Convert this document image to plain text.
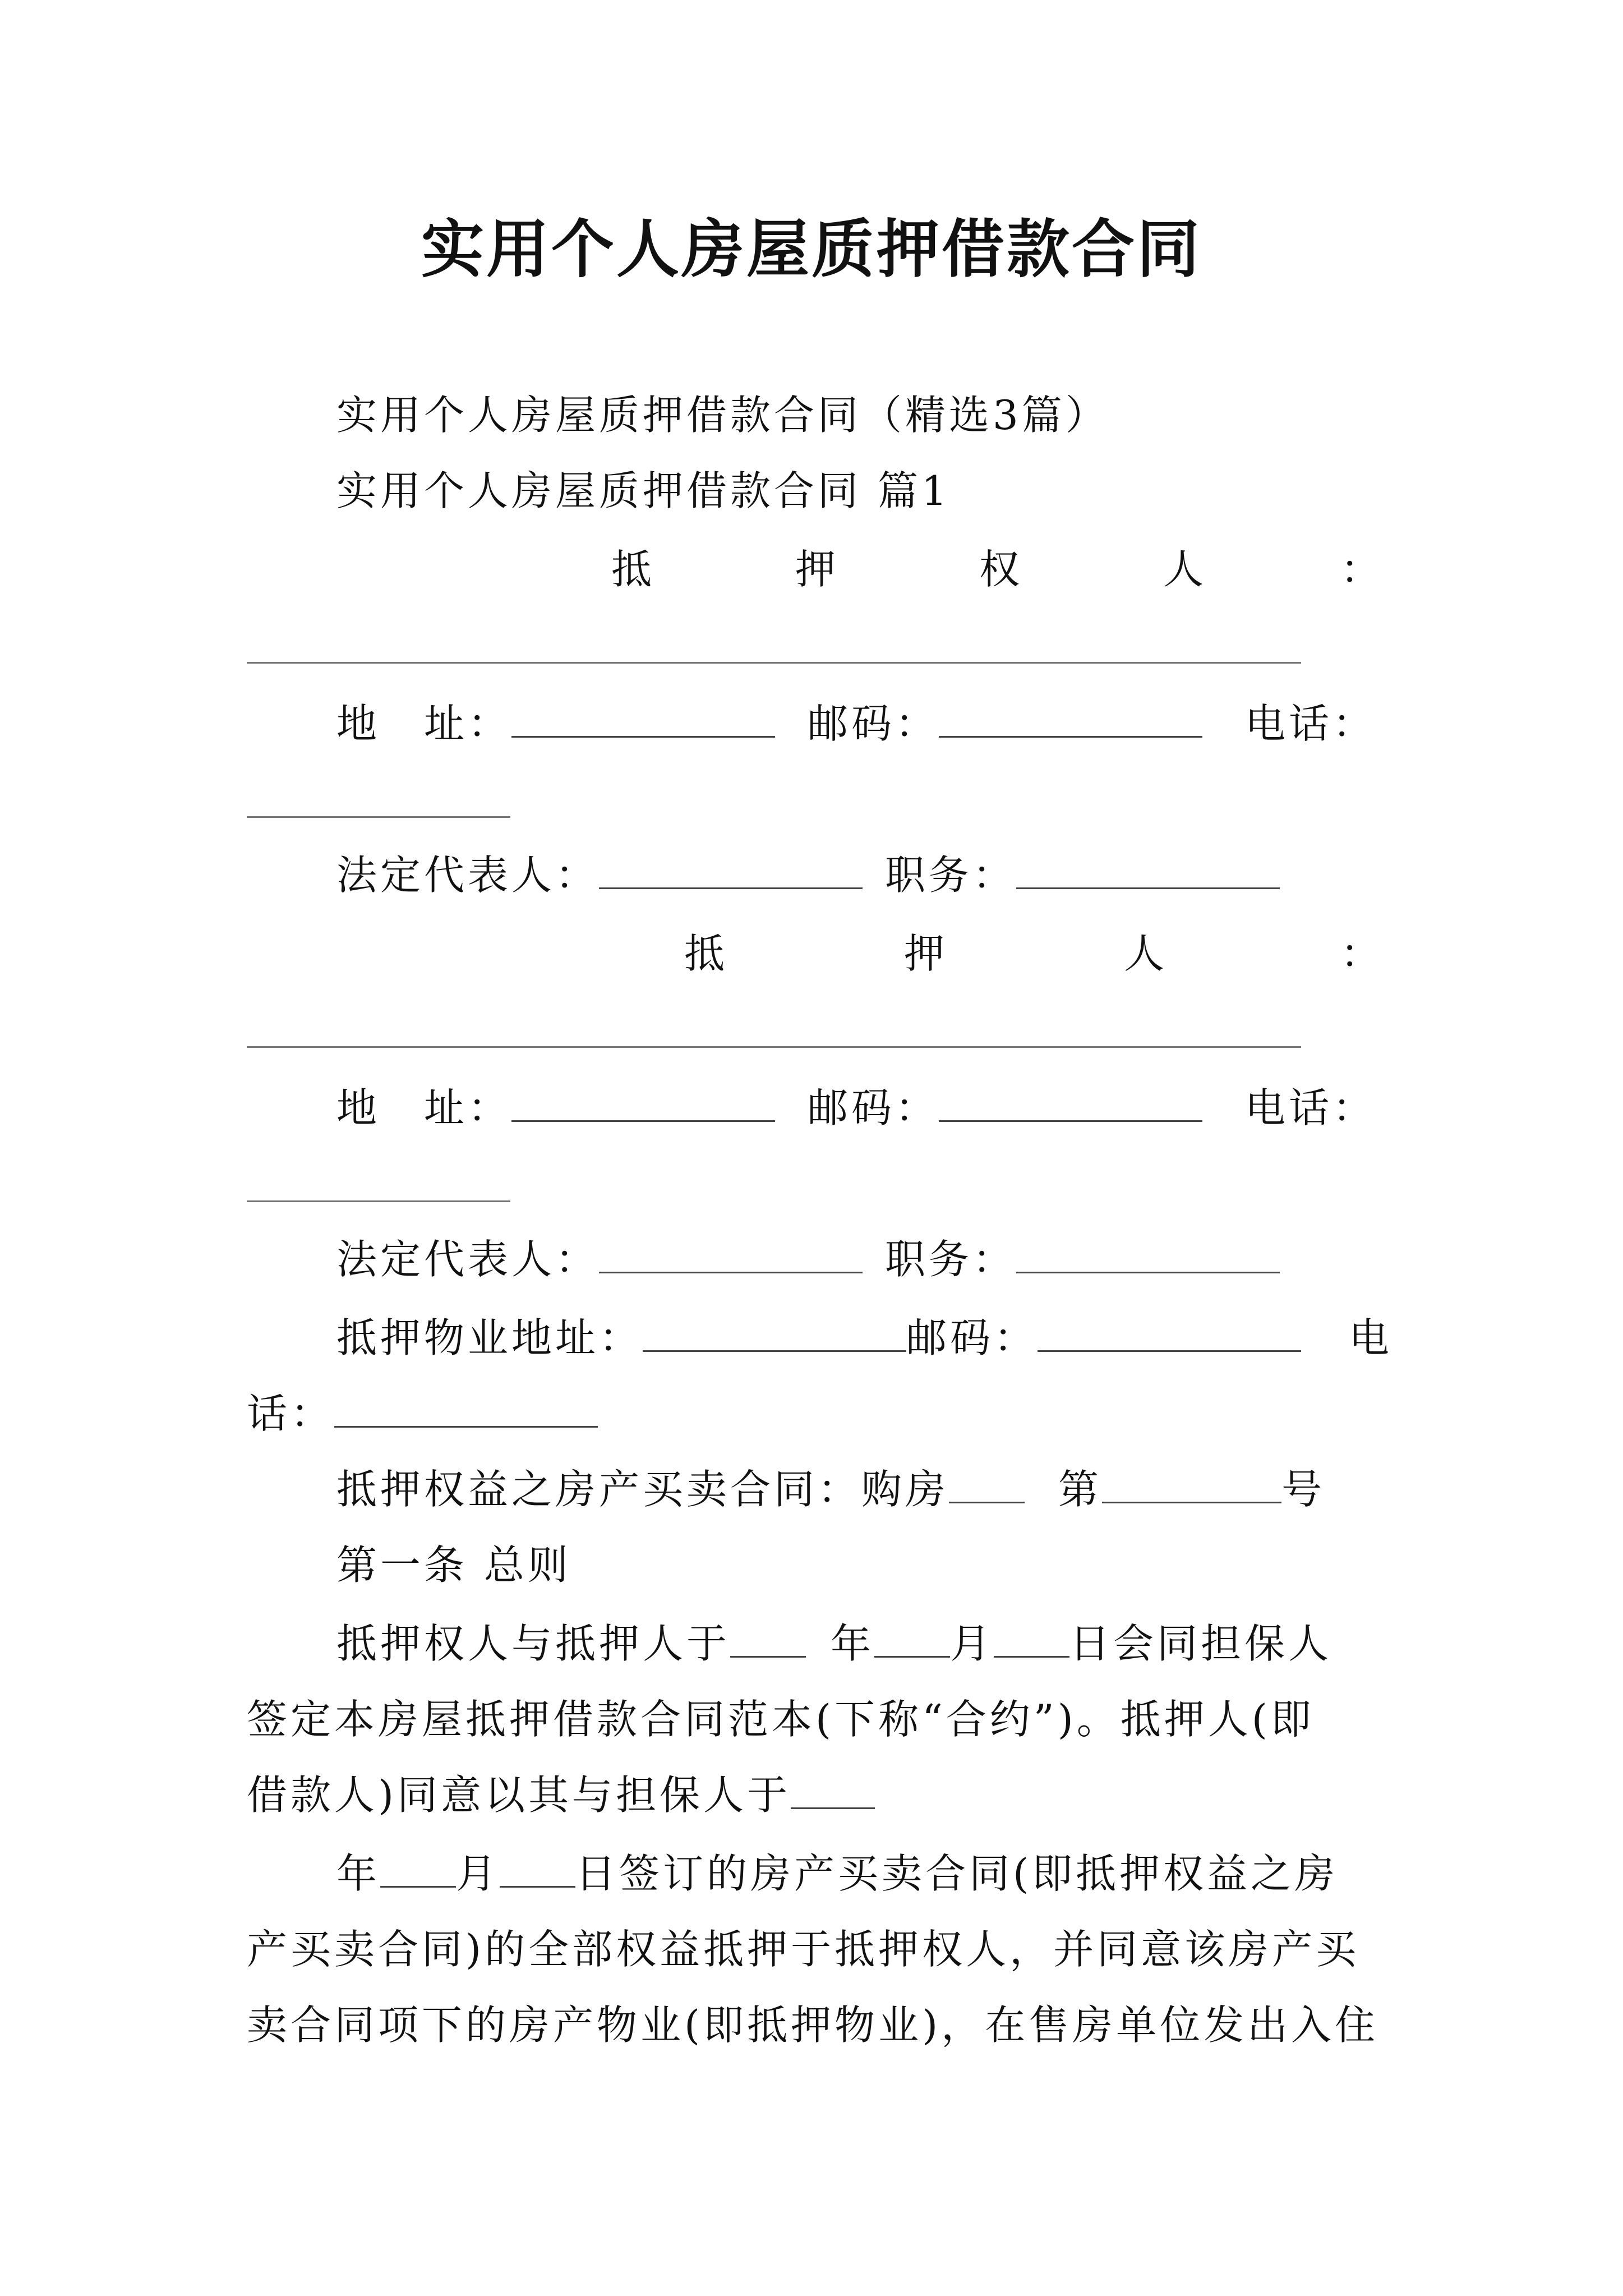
实用个人房屋质押借款合同
实用个人房屋质押借款合同（精选3篇）
实用个人房屋质押借款合同 篇1
抵	押	权	人	：
地　址：	邮码：	电话：
法定代表人：	职务：
抵	押	人	：
地　址：	邮码：	电话：
法定代表人：	职务：
抵押物业地址：	邮码：	电
话：
抵押权益之房产买卖合同：购房	第	号
第一条 总则
抵押权人与抵押人于 年 月 日会同担保人
签定本房屋抵押借款合同范本(下称“合约”)。抵押人(即
借款人)同意以其与担保人于
年 月 日签订的房产买卖合同(即抵押权益之房
产买卖合同)的全部权益抵押于抵押权人，并同意该房产买
卖合同项下的房产物业(即抵押物业)，在售房单位发出入住
